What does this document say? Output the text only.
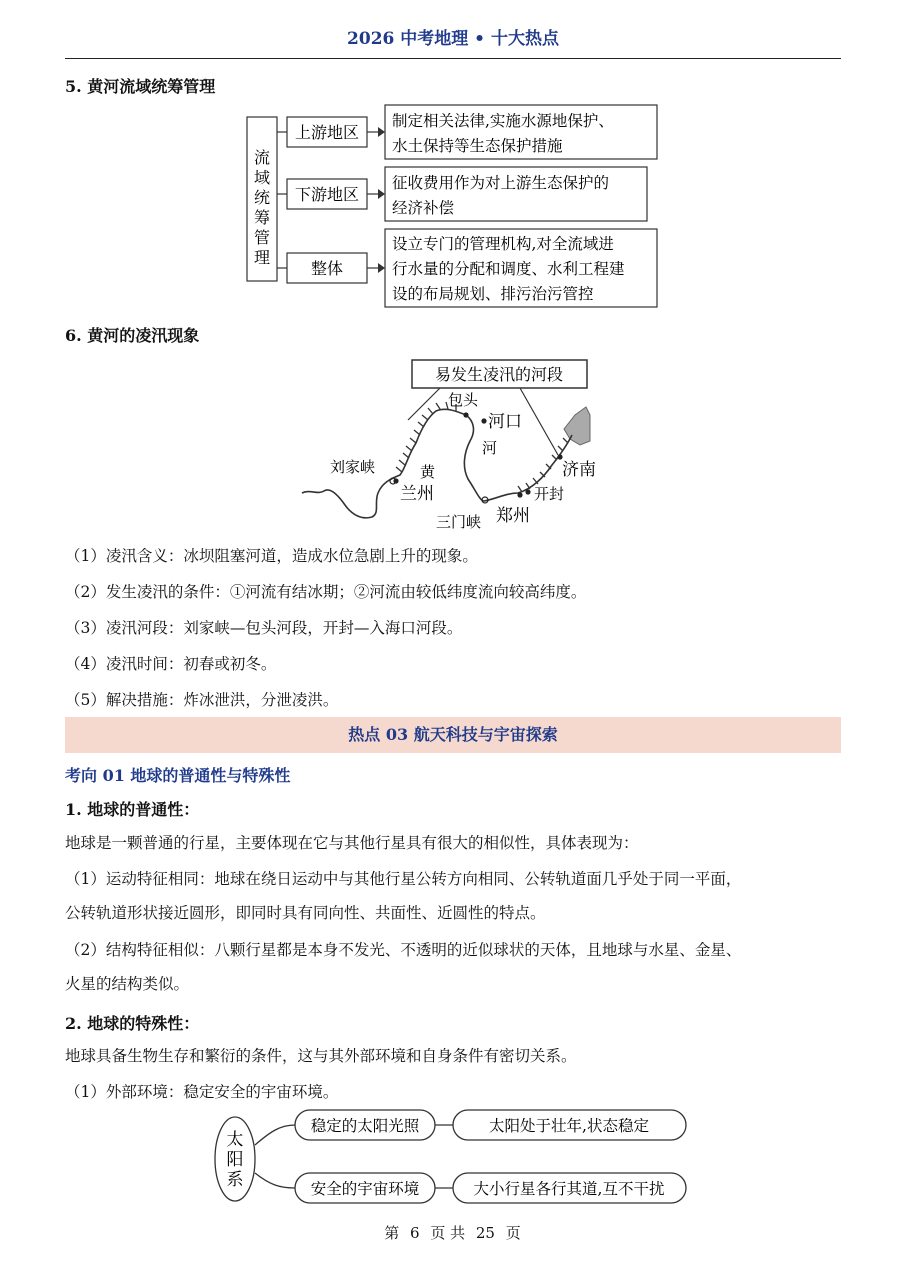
2026 中考地理 • 十大热点
5. 黄河流域统筹管理
流
域
统
筹
管
理
上游地区
制定相关法律,实施水源地保护、
水土保持等生态保护措施
下游地区
征收费用作为对上游生态保护的
经济补偿
整体
设立专门的管理机构,对全流域进
行水量的分配和调度、水利工程建
设的布局规划、排污治污管控
6. 黄河的凌汛现象
易发生凌汛的河段
包头
河口
黄
河
刘家峡
兰州
济南
开封
郑州
三门峡
（1）凌汛含义：冰坝阻塞河道，造成水位急剧上升的现象。
（2）发生凌汛的条件：①河流有结冰期；②河流由较低纬度流向较高纬度。
（3）凌汛河段：刘家峡—包头河段，开封—入海口河段。
（4）凌汛时间：初春或初冬。
（5）解决措施：炸冰泄洪，分泄凌洪。
热点 03 航天科技与宇宙探索
考向 01 地球的普通性与特殊性
1. 地球的普通性：
地球是一颗普通的行星，主要体现在它与其他行星具有很大的相似性，具体表现为：
（1）运动特征相同：地球在绕日运动中与其他行星公转方向相同、公转轨道面几乎处于同一平面，
公转轨道形状接近圆形，即同时具有同向性、共面性、近圆性的特点。
（2）结构特征相似：八颗行星都是本身不发光、不透明的近似球状的天体，且地球与水星、金星、
火星的结构类似。
2. 地球的特殊性：
地球具备生物生存和繁衍的条件，这与其外部环境和自身条件有密切关系。
（1）外部环境：稳定安全的宇宙环境。
太
阳
系
稳定的太阳光照	太阳处于壮年,状态稳定
安全的宇宙环境	大小行星各行其道,互不干扰
第 6 页 共 25 页
